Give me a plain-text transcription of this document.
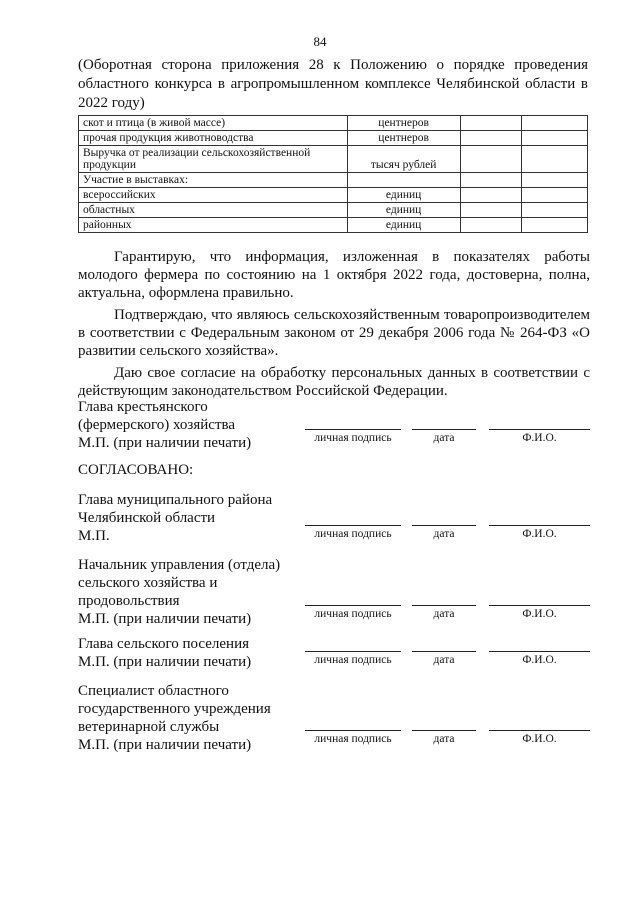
84

(Оборотная сторона приложения 28 к Положению о порядке проведения областного конкурса в агропромышленном комплексе Челябинской области в 2022 году)

скот и птица (в живой массе)	центнеров		
прочая продукция животноводства	центнеров		
Выручка от реализации сельскохозяйственной продукции	тысяч рублей		
Участие в выставках:			
всероссийских	единиц		
областных	единиц		
районных	единиц		

Гарантирую, что информация, изложенная в показателях работы молодого фермера по состоянию на 1 октября 2022 года, достоверна, полна, актуальна, оформлена правильно.

Подтверждаю, что являюсь сельскохозяйственным товаропроизводителем в соответствии с Федеральным законом от 29 декабря 2006 года № 264-ФЗ «О развитии сельского хозяйства».

Даю свое согласие на обработку персональных данных в соответствии с действующим законодательством Российской Федерации.

Глава крестьянского
(фермерского) хозяйства
М.П. (при наличии печати)
СОГЛАСОВАНО:
Глава муниципального района
Челябинской области
М.П.
Начальник управления (отдела)
сельского хозяйства и
продовольствия
М.П. (при наличии печати)
Глава сельского поселения
М.П. (при наличии печати)
Специалист областного
государственного учреждения
ветеринарной службы
М.П. (при наличии печати)
личная подпись	дата	Ф.И.О.
личная подпись	дата	Ф.И.О.
личная подпись	дата	Ф.И.О.
личная подпись	дата	Ф.И.О.
личная подпись	дата	Ф.И.О.
